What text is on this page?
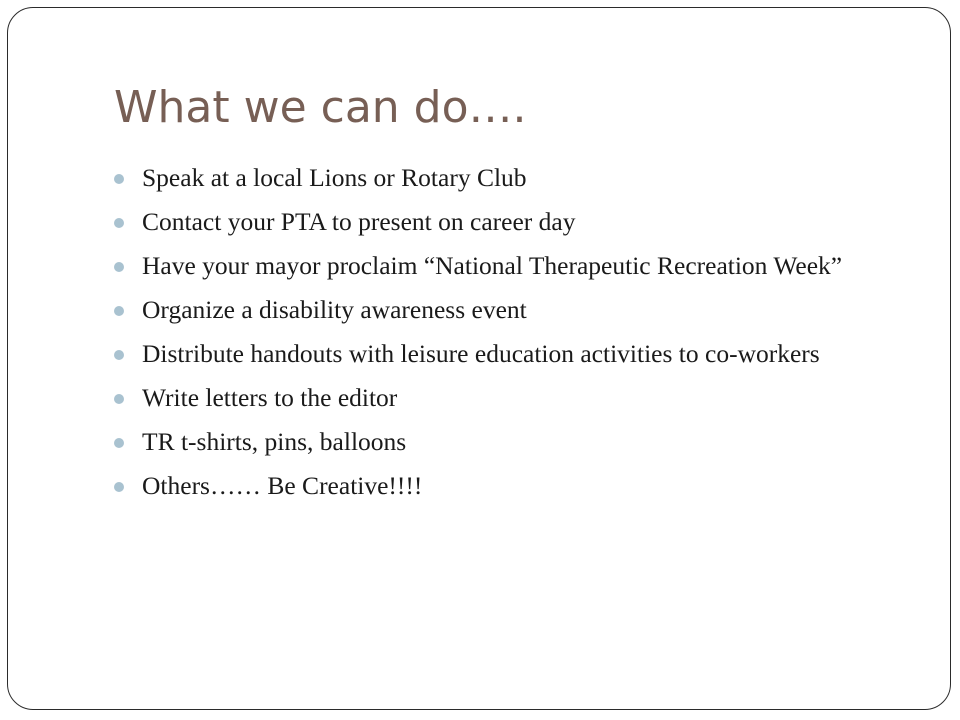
What we can do….
Speak at a local Lions or Rotary Club
Contact your PTA to present on career day
Have your mayor proclaim “National Therapeutic Recreation Week”
Organize a disability awareness event
Distribute handouts with leisure education activities to co-workers
Write letters to the editor
TR t-shirts, pins, balloons
Others…… Be Creative!!!!
